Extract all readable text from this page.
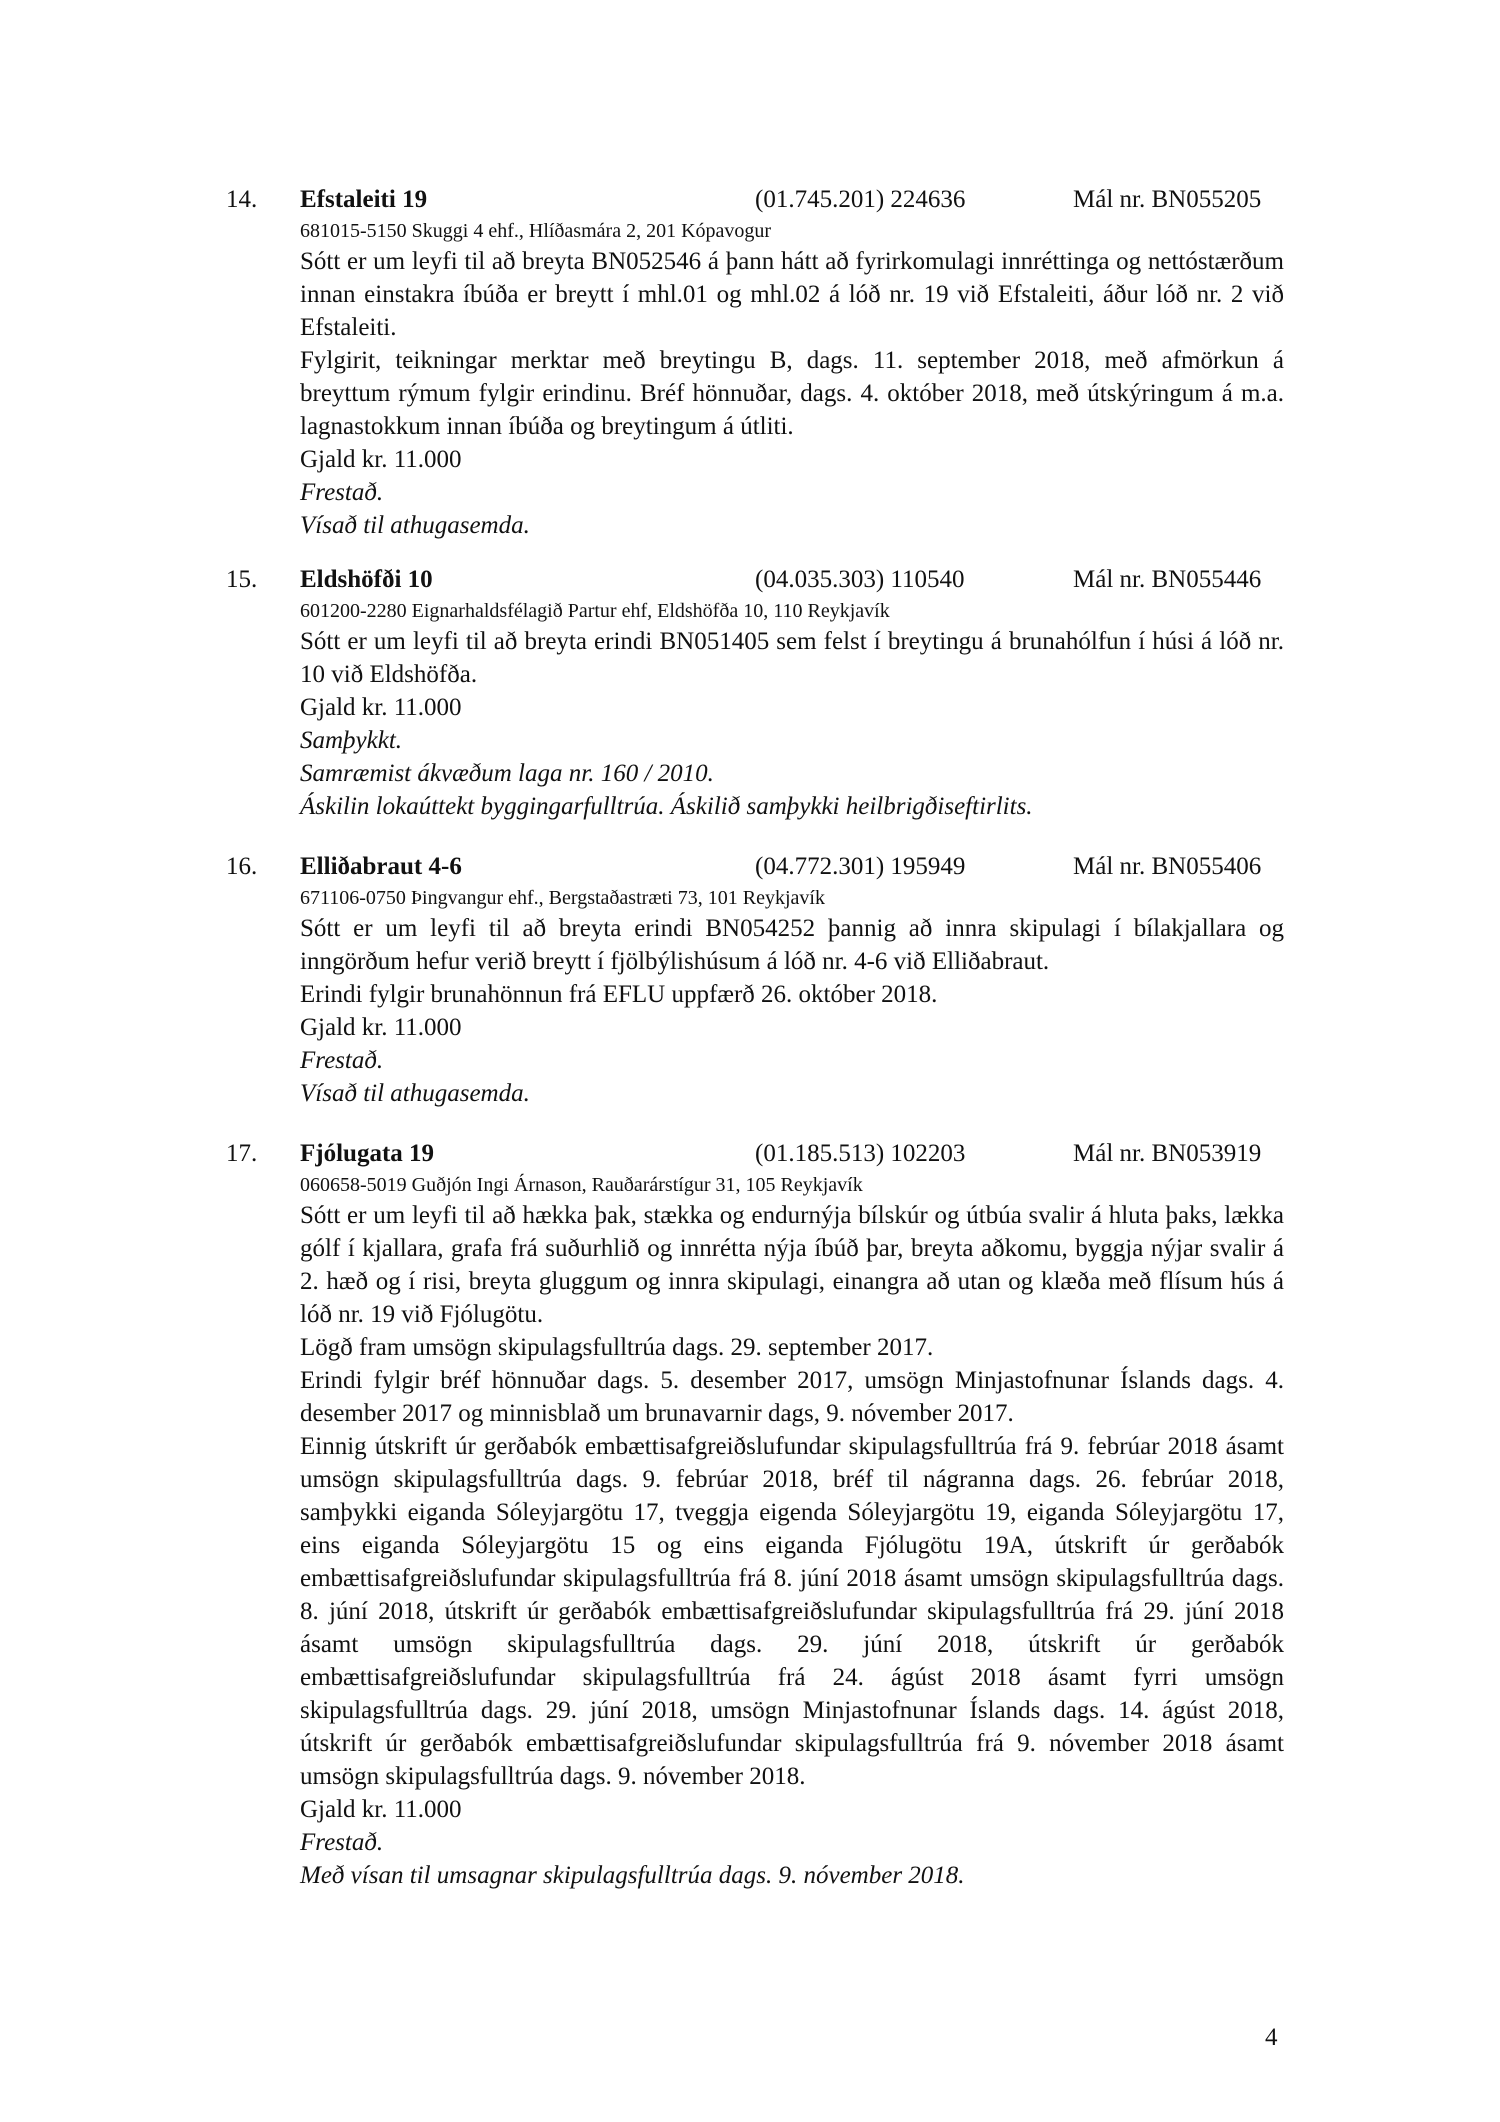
14. Efstaleiti 19	(01.745.201) 224636	Mál nr. BN055205
681015-5150 Skuggi 4 ehf., Hlíðasmára 2, 201 Kópavogur
Sótt er um leyfi til að breyta BN052546 á þann hátt að fyrirkomulagi innréttinga og nettóstærðum innan einstakra íbúða er breytt í mhl.01 og mhl.02 á lóð nr. 19 við Efstaleiti, áður lóð nr. 2 við Efstaleiti.
Fylgirit, teikningar merktar með breytingu B, dags. 11. september 2018, með afmörkun á breyttum rýmum fylgir erindinu. Bréf hönnuðar, dags. 4. október 2018, með útskýringum á m.a. lagnastokkum innan íbúða og breytingum á útliti.
Gjald kr. 11.000
Frestað.
Vísað til athugasemda.
15. Eldshöfði 10	(04.035.303) 110540	Mál nr. BN055446
601200-2280 Eignarhaldsfélagið Partur ehf, Eldshöfða 10, 110 Reykjavík
Sótt er um leyfi til að breyta erindi BN051405 sem felst í breytingu á brunahólfun í húsi á lóð nr. 10 við Eldshöfða.
Gjald kr. 11.000
Samþykkt.
Samræmist ákvæðum laga nr. 160 / 2010.
Áskilin lokaúttekt byggingarfulltrúa. Áskilið samþykki heilbrigðiseftirlits.
16. Elliðabraut 4-6	(04.772.301) 195949	Mál nr. BN055406
671106-0750 Þingvangur ehf., Bergstaðastræti 73, 101 Reykjavík
Sótt er um leyfi til að breyta erindi BN054252 þannig að innra skipulagi í bílakjallara og inngörðum hefur verið breytt í fjölbýlishúsum á lóð nr. 4-6 við Elliðabraut.
Erindi fylgir brunahönnun frá EFLU uppfærð 26. október 2018.
Gjald kr. 11.000
Frestað.
Vísað til athugasemda.
17. Fjólugata 19	(01.185.513) 102203	Mál nr. BN053919
060658-5019 Guðjón Ingi Árnason, Rauðarárstígur 31, 105 Reykjavík
Sótt er um leyfi til að hækka þak, stækka og endurnýja bílskúr og útbúa svalir á hluta þaks, lækka gólf í kjallara, grafa frá suðurhlið og innrétta nýja íbúð þar, breyta aðkomu, byggja nýjar svalir á 2. hæð og í risi, breyta gluggum og innra skipulagi, einangra að utan og klæða með flísum hús á lóð nr. 19 við Fjólugötu.
Lögð fram umsögn skipulagsfulltrúa dags. 29. september 2017.
Erindi fylgir bréf hönnuðar dags. 5. desember 2017, umsögn Minjastofnunar Íslands dags. 4. desember 2017 og minnisblað um brunavarnir dags, 9. nóvember 2017.
Einnig útskrift úr gerðabók embættisafgreiðslufundar skipulagsfulltrúa frá 9. febrúar 2018 ásamt umsögn skipulagsfulltrúa dags. 9. febrúar 2018, bréf til nágranna dags. 26. febrúar 2018, samþykki eiganda Sóleyjargötu 17, tveggja eigenda Sóleyjargötu 19, eiganda Sóleyjargötu 17, eins eiganda Sóleyjargötu 15 og eins eiganda Fjólugötu 19A, útskrift úr gerðabók embættisafgreiðslufundar skipulagsfulltrúa frá 8. júní 2018 ásamt umsögn skipulagsfulltrúa dags. 8. júní 2018, útskrift úr gerðabók embættisafgreiðslufundar skipulagsfulltrúa frá 29. júní 2018 ásamt umsögn skipulagsfulltrúa dags. 29. júní 2018, útskrift úr gerðabók embættisafgreiðslufundar skipulagsfulltrúa frá 24. ágúst 2018 ásamt fyrri umsögn skipulagsfulltrúa dags. 29. júní 2018, umsögn Minjastofnunar Íslands dags. 14. ágúst 2018, útskrift úr gerðabók embættisafgreiðslufundar skipulagsfulltrúa frá 9. nóvember 2018 ásamt umsögn skipulagsfulltrúa dags. 9. nóvember 2018.
Gjald kr. 11.000
Frestað.
Með vísan til umsagnar skipulagsfulltrúa dags. 9. nóvember 2018.
4
